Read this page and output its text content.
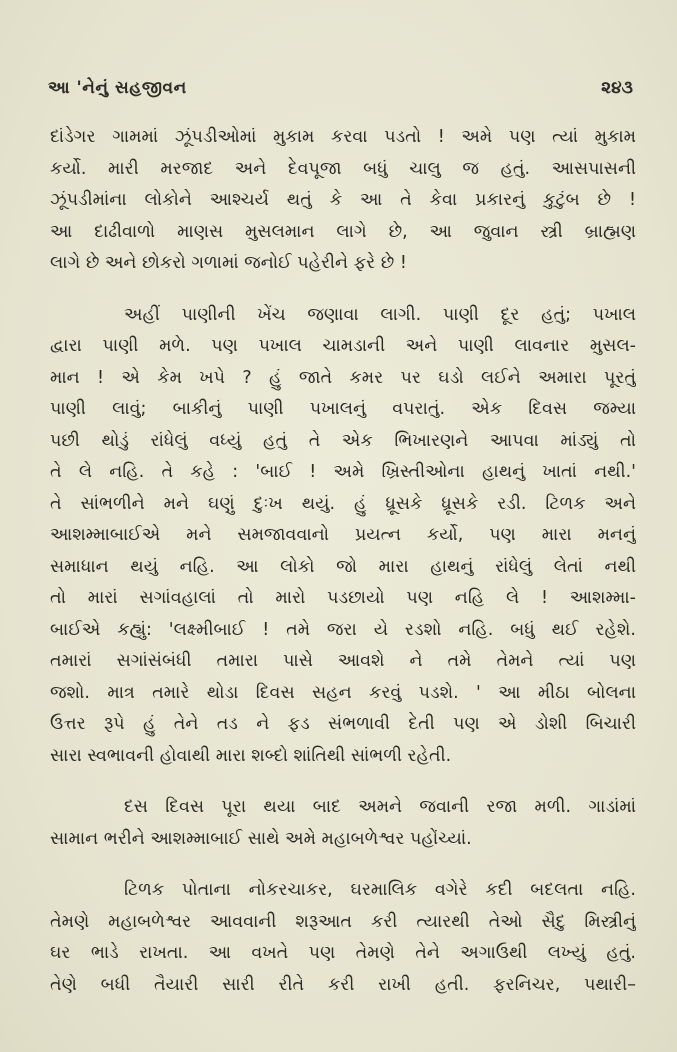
આ 'નેનું સહજીવન	૨૪૩
દાંડેગર ગામમાં ઝૂંપડીઓમાં મુકામ કરવા પડતો ! અમે પણ ત્યાં મુકામ
કર્યો. મારી મરજાદ અને દેવપૂજા બધું ચાલુ જ હતું. આસપાસની
ઝૂંપડીમાંના લોકોને આશ્ચર્ય થતું કે આ તે કેવા પ્રકારનું કુટુંબ છે !
આ દાઢીવાળો માણસ મુસલમાન લાગે છે, આ જુવાન સ્ત્રી બ્રાહ્મણ
લાગે છે અને છોકરો ગળામાં જનોઈ પહેરીને ફરે છે !
અહીં પાણીની ખેંચ જણાવા લાગી. પાણી દૂર હતું; પખાલ
દ્વારા પાણી મળે. પણ પખાલ ચામડાની અને પાણી લાવનાર મુસલ-
માન ! એ કેમ ખપે ? હું જાતે કમર પર ઘડો લઈને અમારા પૂરતું
પાણી લાવું; બાકીનું પાણી પખાલનું વપરાતું. એક દિવસ જમ્યા
પછી થોડું રાંધેલું વધ્યું હતું તે એક ભિખારણને આપવા માંડ્યું તો
તે લે નહિ. તે કહે : 'બાઈ ! અમે ખ્રિસ્તીઓના હાથનું ખાતાં નથી.'
તે સાંભળીને મને ઘણું દુઃખ થયું. હું ધ્રૂસકે ધ્રૂસકે રડી. ટિળક અને
આશમ્માબાઈએ મને સમજાવવાનો પ્રયત્ન કર્યો, પણ મારા મનનું
સમાધાન થયું નહિ. આ લોકો જો મારા હાથનું રાંધેલું લેતાં નથી
તો મારાં સગાંવહાલાં તો મારો પડછાયો પણ નહિ લે ! આશમ્મા-
બાઈએ કહ્યું: 'લક્ષ્મીબાઈ ! તમે જરા યે રડશો નહિ. બધું થઈ રહેશે.
તમારાં સગાંસંબંધી તમારા પાસે આવશે ને તમે તેમને ત્યાં પણ
જશો. માત્ર તમારે થોડા દિવસ સહન કરવું પડશે. ' આ મીઠા બોલના
ઉત્તર રૂપે હું તેને તડ ને ફડ સંભળાવી દેતી પણ એ ડોશી બિચારી
સારા સ્વભાવની હોવાથી મારા શબ્દો શાંતિથી સાંભળી રહેતી.
દસ દિવસ પૂરા થયા બાદ અમને જવાની રજા મળી. ગાડાંમાં
સામાન ભરીને આશમ્માબાઈ સાથે અમે મહાબળેશ્વર પહોંચ્યાં.
ટિળક પોતાના નોકરચાકર, ઘરમાલિક વગેરે કદી બદલતા નહિ.
તેમણે મહાબળેશ્વર આવવાની શરૂઆત કરી ત્યારથી તેઓ સૈદુ મિસ્ત્રીનું
ઘર ભાડે રાખતા. આ વખતે પણ તેમણે તેને અગાઉથી લખ્યું હતું.
તેણે બધી તૈયારી સારી રીતે કરી રાખી હતી. ફરનિચર, પથારી–
